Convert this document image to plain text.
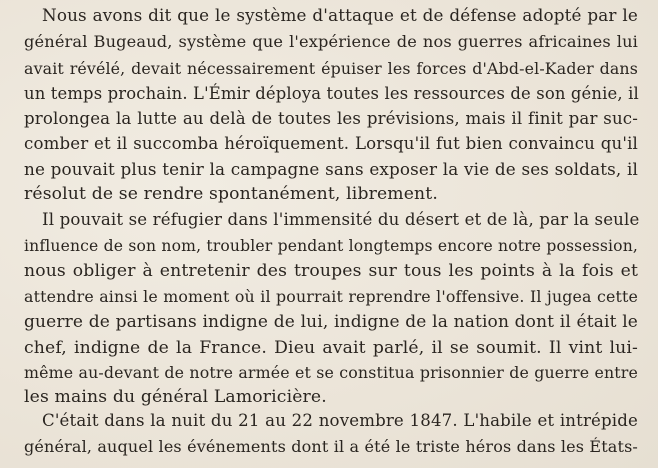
Nous avons dit que le système d'attaque et de défense adopté par le
général Bugeaud, système que l'expérience de nos guerres africaines lui
avait révélé, devait nécessairement épuiser les forces d'Abd-el-Kader dans
un temps prochain. L'Émir déploya toutes les ressources de son génie, il
prolongea la lutte au delà de toutes les prévisions, mais il finit par suc-
comber et il succomba héroïquement. Lorsqu'il fut bien convaincu qu'il
ne pouvait plus tenir la campagne sans exposer la vie de ses soldats, il
résolut de se rendre spontanément, librement.
Il pouvait se réfugier dans l'immensité du désert et de là, par la seule
influence de son nom, troubler pendant longtemps encore notre possession,
nous obliger à entretenir des troupes sur tous les points à la fois et
attendre ainsi le moment où il pourrait reprendre l'offensive. Il jugea cette
guerre de partisans indigne de lui, indigne de la nation dont il était le
chef, indigne de la France. Dieu avait parlé, il se soumit. Il vint lui-
même au-devant de notre armée et se constitua prisonnier de guerre entre
les mains du général Lamoricière.
C'était dans la nuit du 21 au 22 novembre 1847. L'habile et intrépide
général, auquel les événements dont il a été le triste héros dans les États-
